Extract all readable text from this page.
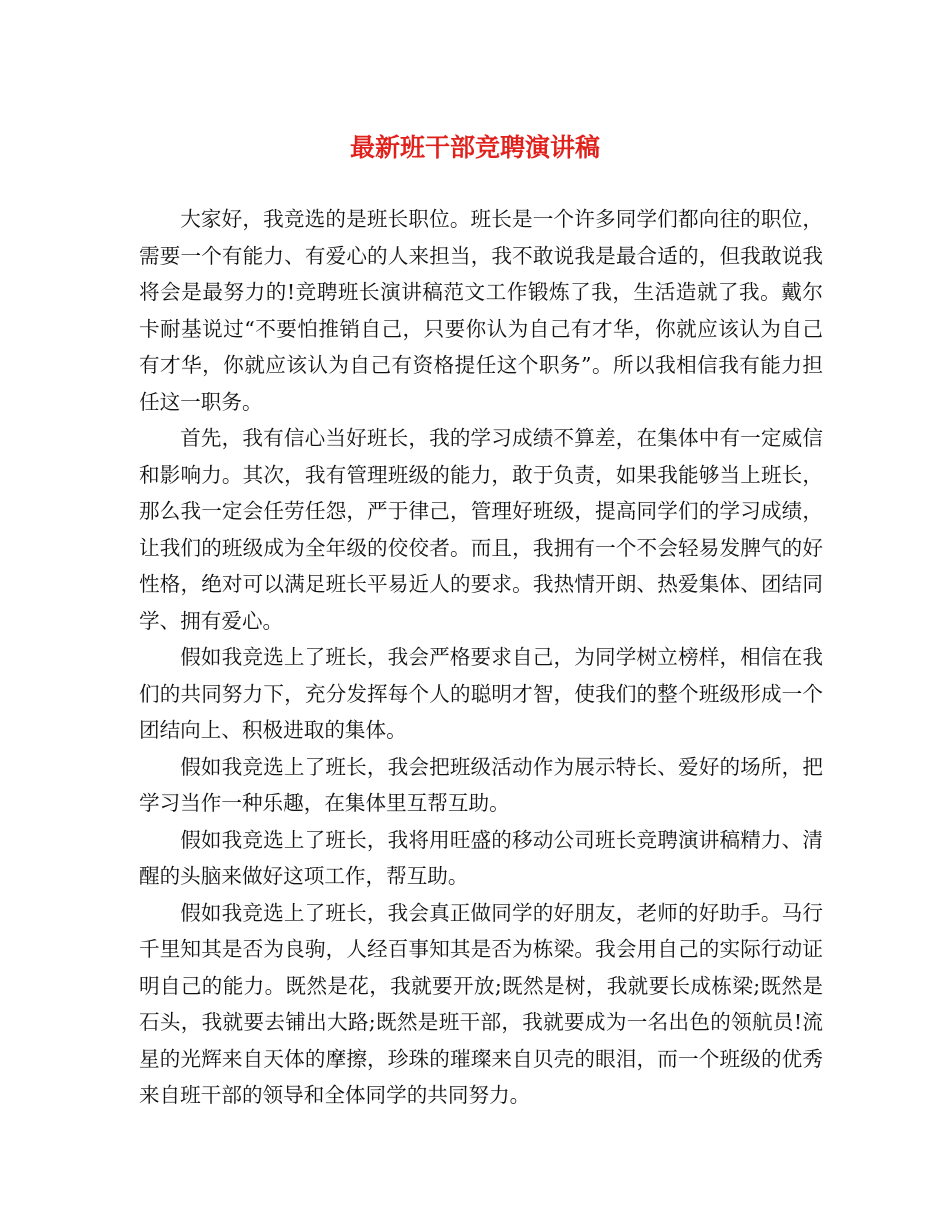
最新班干部竞聘演讲稿

大家好，我竞选的是班长职位。班长是一个许多同学们都向往的职位，需要一个有能力、有爱心的人来担当，我不敢说我是最合适的，但我敢说我将会是最努力的!竞聘班长演讲稿范文工作锻炼了我，生活造就了我。戴尔卡耐基说过“不要怕推销自己，只要你认为自己有才华，你就应该认为自己有才华，你就应该认为自己有资格提任这个职务”。所以我相信我有能力担任这一职务。

首先，我有信心当好班长，我的学习成绩不算差，在集体中有一定威信和影响力。其次，我有管理班级的能力，敢于负责，如果我能够当上班长，那么我一定会任劳任怨，严于律己，管理好班级，提高同学们的学习成绩，让我们的班级成为全年级的佼佼者。而且，我拥有一个不会轻易发脾气的好性格，绝对可以满足班长平易近人的要求。我热情开朗、热爱集体、团结同学、拥有爱心。

假如我竞选上了班长，我会严格要求自己，为同学树立榜样，相信在我们的共同努力下，充分发挥每个人的聪明才智，使我们的整个班级形成一个团结向上、积极进取的集体。

假如我竞选上了班长，我会把班级活动作为展示特长、爱好的场所，把学习当作一种乐趣，在集体里互帮互助。

假如我竞选上了班长，我将用旺盛的移动公司班长竞聘演讲稿精力、清醒的头脑来做好这项工作，帮互助。

假如我竞选上了班长，我会真正做同学的好朋友，老师的好助手。马行千里知其是否为良驹，人经百事知其是否为栋梁。我会用自己的实际行动证明自己的能力。既然是花，我就要开放;既然是树，我就要长成栋梁;既然是石头，我就要去铺出大路;既然是班干部，我就要成为一名出色的领航员!流星的光辉来自天体的摩擦，珍珠的璀璨来自贝壳的眼泪，而一个班级的优秀来自班干部的领导和全体同学的共同努力。
